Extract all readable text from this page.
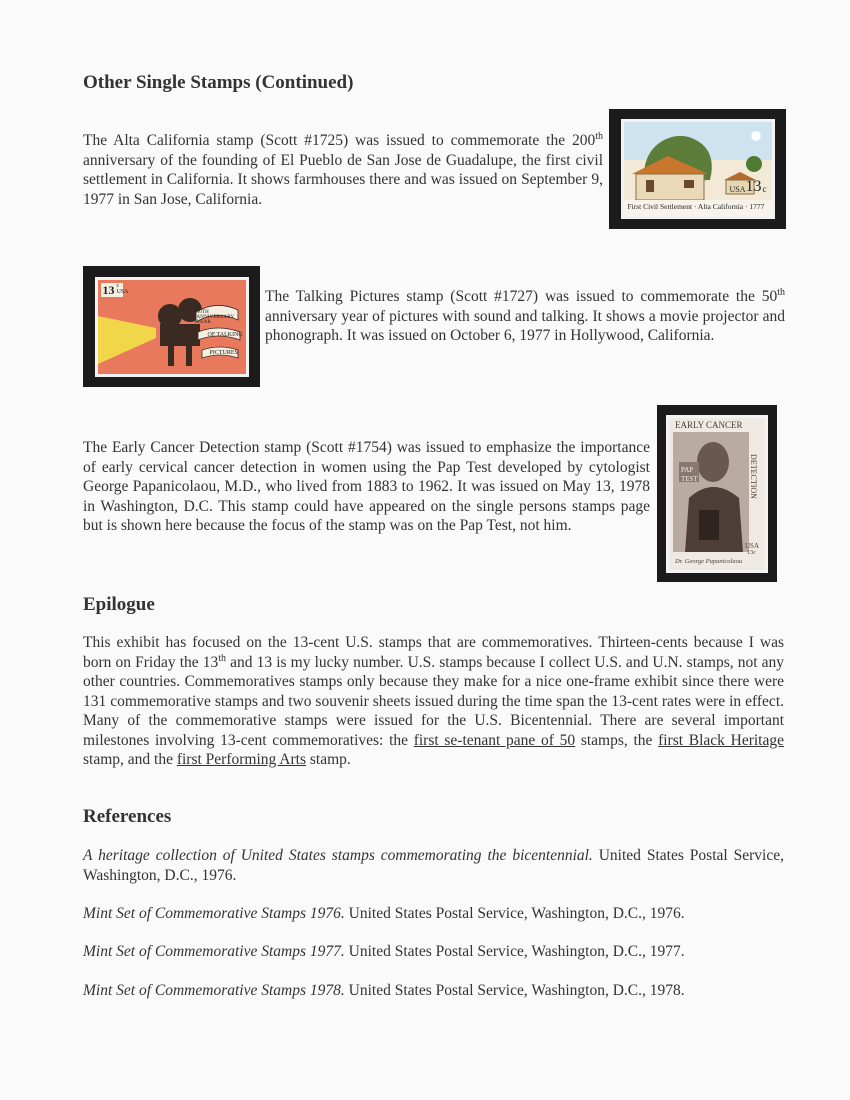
Other Single Stamps (Continued)

The Alta California stamp (Scott #1725) was issued to commemorate the 200th anniversary of the founding of El Pueblo de San Jose de Guadalupe, the first civil settlement in California. It shows farmhouses there and was issued on September 9, 1977 in San Jose, California.

USA 13 c
First Civil Settlement · Alta California · 1777
13 c
USA
50TH ANNIVERSARY YEAR
OF TALKING
PICTURES

The Talking Pictures stamp (Scott #1727) was issued to commemorate the 50th anniversary year of pictures with sound and talking. It shows a movie projector and phonograph. It was issued on October 6, 1977 in Hollywood, California.

The Early Cancer Detection stamp (Scott #1754) was issued to emphasize the importance of early cervical cancer detection in women using the Pap Test developed by cytologist George Papanicolaou, M.D., who lived from 1883 to 1962. It was issued on May 13, 1978 in Washington, D.C. This stamp could have appeared on the single persons stamps page but is shown here because the focus of the stamp was on the Pap Test, not him.

EARLY CANCER
DETECTION
PAP
TEST
USA
13c
Dr. George Papanicolaou
Epilogue

This exhibit has focused on the 13-cent U.S. stamps that are commemoratives. Thirteen-cents because I was born on Friday the 13th and 13 is my lucky number. U.S. stamps because I collect U.S. and U.N. stamps, not any other countries. Commemoratives stamps only because they make for a nice one-frame exhibit since there were 131 commemorative stamps and two souvenir sheets issued during the time span the 13-cent rates were in effect. Many of the commemorative stamps were issued for the U.S. Bicentennial. There are several important milestones involving 13-cent commemoratives: the first se-tenant pane of 50 stamps, the first Black Heritage stamp, and the first Performing Arts stamp.

References

A heritage collection of United States stamps commemorating the bicentennial. United States Postal Service, Washington, D.C., 1976.

Mint Set of Commemorative Stamps 1976. United States Postal Service, Washington, D.C., 1976.

Mint Set of Commemorative Stamps 1977. United States Postal Service, Washington, D.C., 1977.

Mint Set of Commemorative Stamps 1978. United States Postal Service, Washington, D.C., 1978.
